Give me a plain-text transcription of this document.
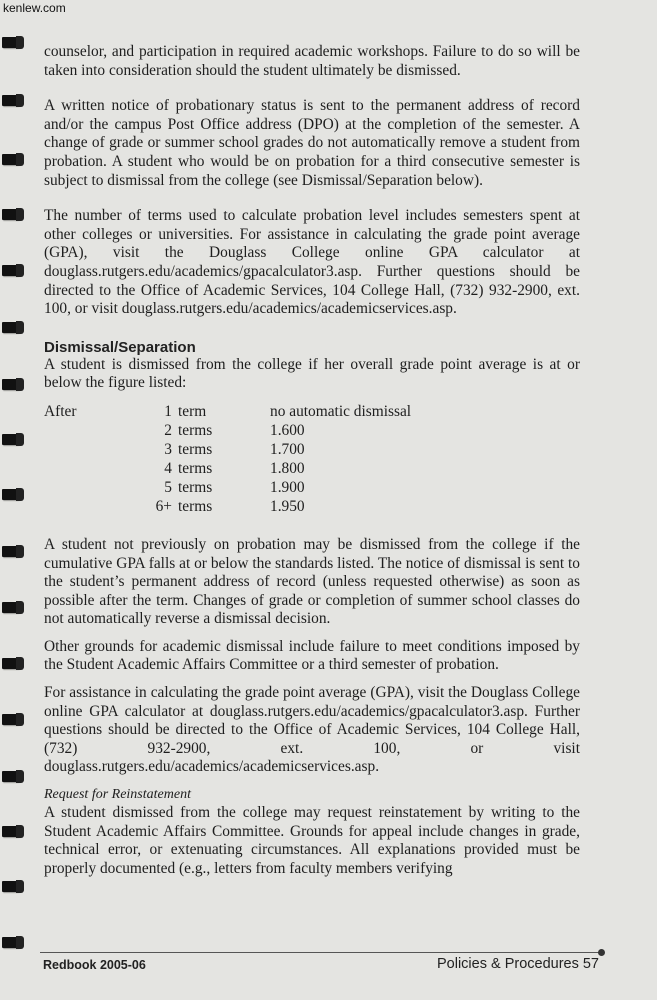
kenlew.com

counselor, and participation in required academic workshops. Failure to do so will be taken into consideration should the student ultimately be dismissed.

A written notice of probationary status is sent to the permanent address of record and/or the campus Post Office address (DPO) at the completion of the semester. A change of grade or summer school grades do not automatically remove a student from probation. A student who would be on probation for a third consecutive semester is subject to dismissal from the college (see Dismissal/Separation below).

The number of terms used to calculate probation level includes semesters spent at other colleges or universities. For assistance in calculating the grade point average (GPA), visit the Douglass College online GPA calculator at douglass.rutgers.edu/academics/gpacalculator3.asp. Further questions should be directed to the Office of Academic Services, 104 College Hall, (732) 932-2900, ext. 100, or visit douglass.rutgers.edu/academics/academicservices.asp.

Dismissal/Separation

A student is dismissed from the college if her overall grade point average is at or below the figure listed:

After	1	term	no automatic dismissal
	2	terms	1.600
	3	terms	1.700
	4	terms	1.800
	5	terms	1.900
	6+	terms	1.950

A student not previously on probation may be dismissed from the college if the cumulative GPA falls at or below the standards listed. The notice of dismissal is sent to the student’s permanent address of record (unless requested otherwise) as soon as possible after the term. Changes of grade or completion of summer school classes do not automatically reverse a dismissal decision.

Other grounds for academic dismissal include failure to meet conditions imposed by the Student Academic Affairs Committee or a third semester of probation.

For assistance in calculating the grade point average (GPA), visit the Douglass College online GPA calculator at douglass.rutgers.edu/academics/gpacalculator3.asp. Further questions should be directed to the Office of Academic Services, 104 College Hall, (732) 932-2900, ext. 100, or visit douglass.rutgers.edu/academics/academicservices.asp.

Request for Reinstatement

A student dismissed from the college may request reinstatement by writing to the Student Academic Affairs Committee. Grounds for appeal include changes in grade, technical error, or extenuating circumstances. All explanations provided must be properly documented (e.g., letters from faculty members verifying

Redbook 2005-06	Policies & Procedures 57
